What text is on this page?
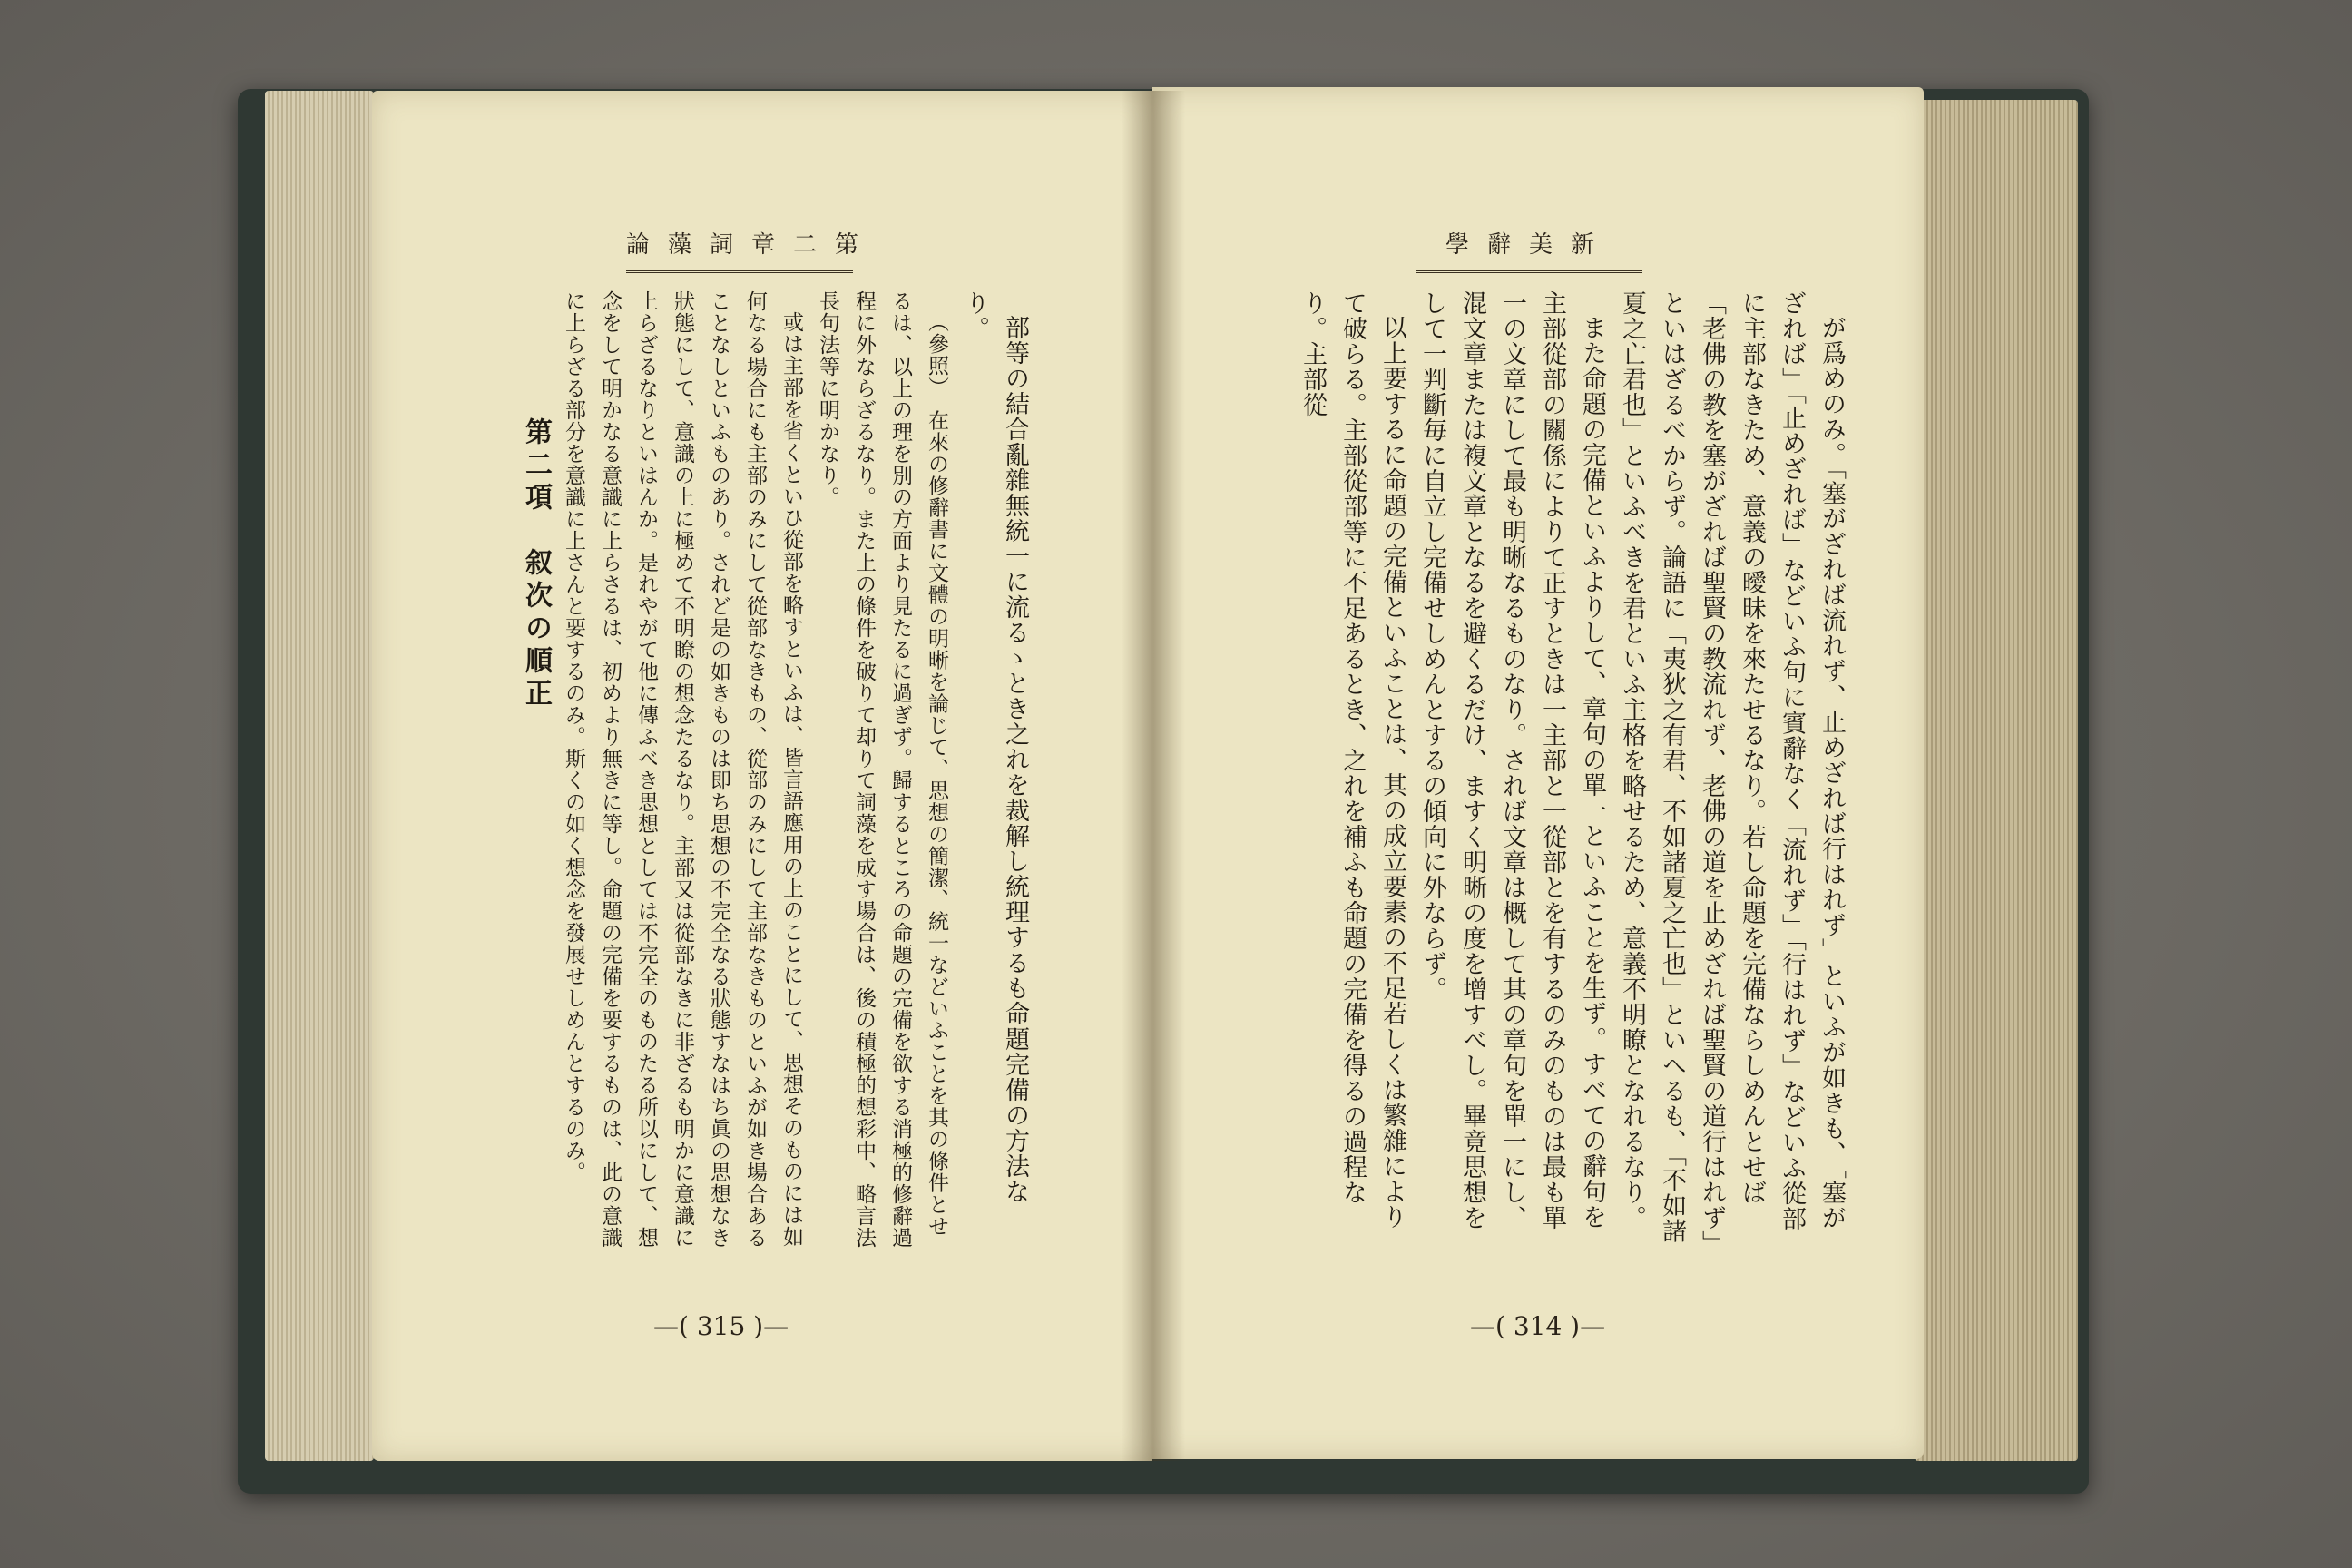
論藻詞章二第

部等の結合亂雜無統一に流るゝとき之れを裁解し統理するも命題完備の方法なり。

（參照）　在來の修辭書に文體の明晰を論じて、思想の簡潔、統一などいふことを其の條件とせるは、以上の理を別の方面より見たるに過ぎず。歸するところの命題の完備を欲する消極的修辭過程に外ならざるなり。また上の條件を破りて却りて詞藻を成す場合は、後の積極的想彩中、略言法長句法等に明かなり。

或は主部を省くといひ從部を略すといふは、皆言語應用の上のことにして、思想そのものには如何なる場合にも主部のみにして從部なきもの、從部のみにして主部なきものといふが如き場合あることなしといふものあり。されど是の如きものは即ち思想の不完全なる狀態すなはち眞の思想なき狀態にして、意識の上に極めて不明瞭の想念たるなり。主部又は從部なきに非ざるも明かに意識に上らざるなりといはんか。是れやがて他に傳ふべき思想としては不完全のものたる所以にして、想念をして明かなる意識に上らさるは、初めより無きに等し。命題の完備を要するものは、此の意識に上らざる部分を意識に上さんと要するのみ。斯くの如く想念を發展せしめんとするのみ。

第二項　叙次の順正
—( 315 )—
學辭美新

が爲めのみ。「塞がざれば流れず、止めざれば行はれず」といふが如きも、「塞がざれば」「止めざれば」などいふ句に賓辭なく「流れず」「行はれず」などいふ從部に主部なきため、意義の曖昧を來たせるなり。若し命題を完備ならしめんとせば「老佛の教を塞がざれば聖賢の教流れず、老佛の道を止めざれば聖賢の道行はれず」といはざるべからず。論語に「夷狄之有君、不如諸夏之亡也」といへるも、「不如諸夏之亡君也」といふべきを君といふ主格を略せるため、意義不明瞭となれるなり。

また命題の完備といふよりして、章句の單一といふことを生ず。すべての辭句を主部從部の關係によりて正すときは一主部と一從部とを有するのみのものは最も單一の文章にして最も明晰なるものなり。されば文章は概して其の章句を單一にし、混文章または複文章となるを避くるだけ、ますく明晰の度を增すべし。畢竟思想をして一判斷毎に自立し完備せしめんとするの傾向に外ならず。

以上要するに命題の完備といふことは、其の成立要素の不足若しくは繁雜によりて破らる。主部從部等に不足あるとき、之れを補ふも命題の完備を得るの過程なり。主部從

—( 314 )—
